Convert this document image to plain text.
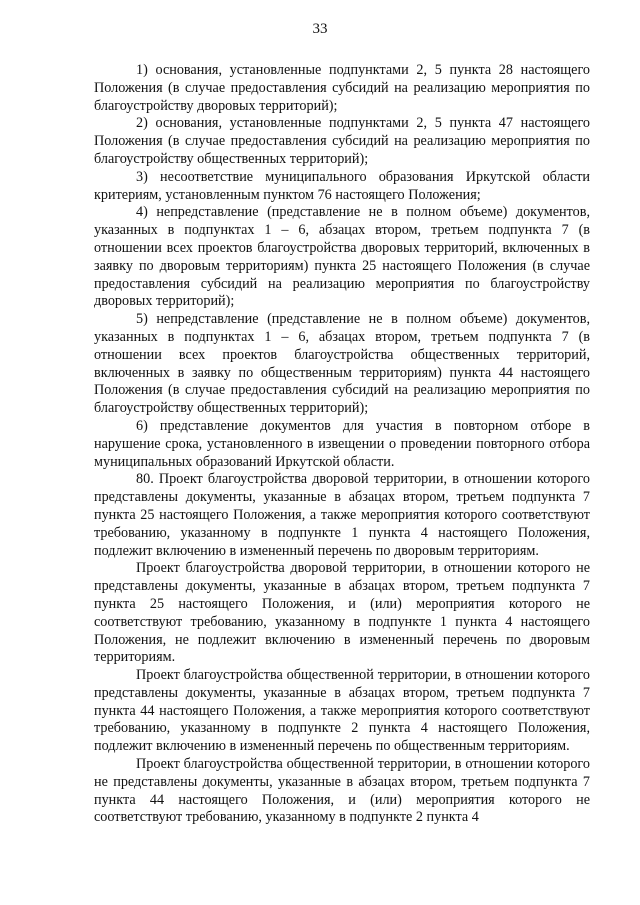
33

1) основания, установленные подпунктами 2, 5 пункта 28 настоящего Положения (в случае предоставления субсидий на реализацию мероприятия по благоустройству дворовых территорий);

2) основания, установленные подпунктами 2, 5 пункта 47 настоящего Положения (в случае предоставления субсидий на реализацию мероприятия по благоустройству общественных территорий);

3) несоответствие муниципального образования Иркутской области критериям, установленным пунктом 76 настоящего Положения;

4) непредставление (представление не в полном объеме) документов, указанных в подпунктах 1 – 6, абзацах втором, третьем подпункта 7 (в отношении всех проектов благоустройства дворовых территорий, включенных в заявку по дворовым территориям) пункта 25 настоящего Положения (в случае предоставления субсидий на реализацию мероприятия по благоустройству дворовых территорий);

5) непредставление (представление не в полном объеме) документов, указанных в подпунктах 1 – 6, абзацах втором, третьем подпункта 7 (в отношении всех проектов благоустройства общественных территорий, включенных в заявку по общественным территориям) пункта 44 настоящего Положения (в случае предоставления субсидий на реализацию мероприятия по благоустройству общественных территорий);

6) представление документов для участия в повторном отборе в нарушение срока, установленного в извещении о проведении повторного отбора муниципальных образований Иркутской области.

80. Проект благоустройства дворовой территории, в отношении которого представлены документы, указанные в абзацах втором, третьем подпункта 7 пункта 25 настоящего Положения, а также мероприятия которого соответствуют требованию, указанному в подпункте 1 пункта 4 настоящего Положения, подлежит включению в измененный перечень по дворовым территориям.

Проект благоустройства дворовой территории, в отношении которого не представлены документы, указанные в абзацах втором, третьем подпункта 7 пункта 25 настоящего Положения, и (или) мероприятия которого не соответствуют требованию, указанному в подпункте 1 пункта 4 настоящего Положения, не подлежит включению в измененный перечень по дворовым территориям.

Проект благоустройства общественной территории, в отношении которого представлены документы, указанные в абзацах втором, третьем подпункта 7 пункта 44 настоящего Положения, а также мероприятия которого соответствуют требованию, указанному в подпункте 2 пункта 4 настоящего Положения, подлежит включению в измененный перечень по общественным территориям.

Проект благоустройства общественной территории, в отношении которого не представлены документы, указанные в абзацах втором, третьем подпункта 7 пункта 44 настоящего Положения, и (или) мероприятия которого не соответствуют требованию, указанному в подпункте 2 пункта 4
